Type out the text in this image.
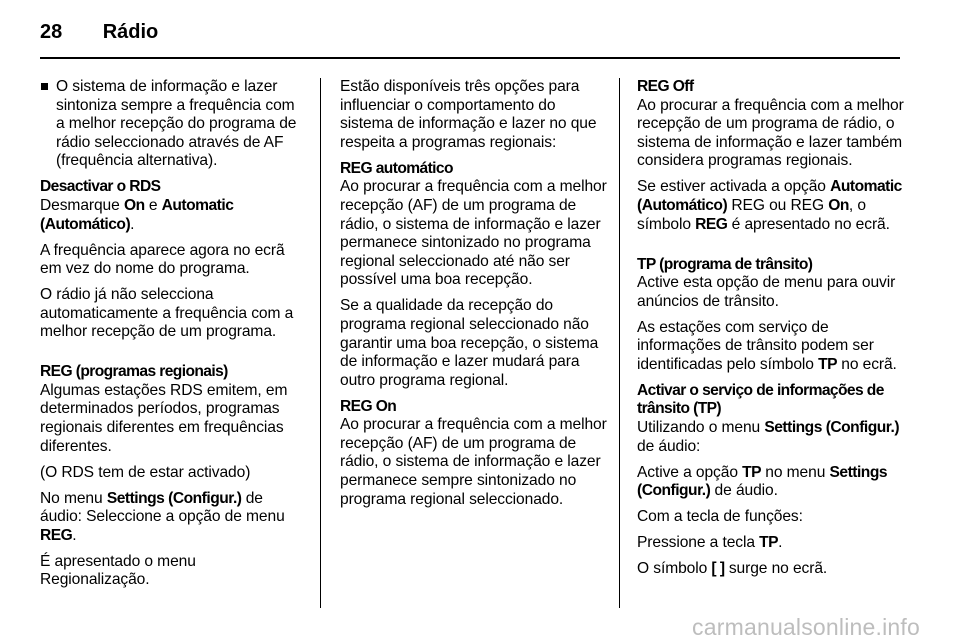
28 Rádio
O sistema de informação e lazer sintoniza sempre a frequência com a melhor recepção do programa de rádio seleccionado através de AF (frequência alternativa).
Desactivar o RDS
Desmarque On e Automatic (Automático).
A frequência aparece agora no ecrã em vez do nome do programa.
O rádio já não selecciona automaticamente a frequência com a melhor recepção de um programa.
REG (programas regionais)
Algumas estações RDS emitem, em determinados períodos, programas regionais diferentes em frequências diferentes.
(O RDS tem de estar activado)
No menu Settings (Configur.) de áudio: Seleccione a opção de menu REG.
É apresentado o menu Regionalização.
Estão disponíveis três opções para influenciar o comportamento do sistema de informação e lazer no que respeita a programas regionais:
REG automático
Ao procurar a frequência com a melhor recepção (AF) de um programa de rádio, o sistema de informação e lazer permanece sintonizado no programa regional seleccionado até não ser possível uma boa recepção.
Se a qualidade da recepção do programa regional seleccionado não garantir uma boa recepção, o sistema de informação e lazer mudará para outro programa regional.
REG On
Ao procurar a frequência com a melhor recepção (AF) de um programa de rádio, o sistema de informação e lazer permanece sempre sintonizado no programa regional seleccionado.
REG Off
Ao procurar a frequência com a melhor recepção de um programa de rádio, o sistema de informação e lazer também considera programas regionais.
Se estiver activada a opção Automatic (Automático) REG ou REG On, o símbolo REG é apresentado no ecrã.
TP (programa de trânsito)
Active esta opção de menu para ouvir anúncios de trânsito.
As estações com serviço de informações de trânsito podem ser identificadas pelo símbolo TP no ecrã.
Activar o serviço de informações de trânsito (TP)
Utilizando o menu Settings (Configur.) de áudio:
Active a opção TP no menu Settings (Configur.) de áudio.
Com a tecla de funções:
Pressione a tecla TP.
O símbolo [ ] surge no ecrã.
carmanualsonline.info
